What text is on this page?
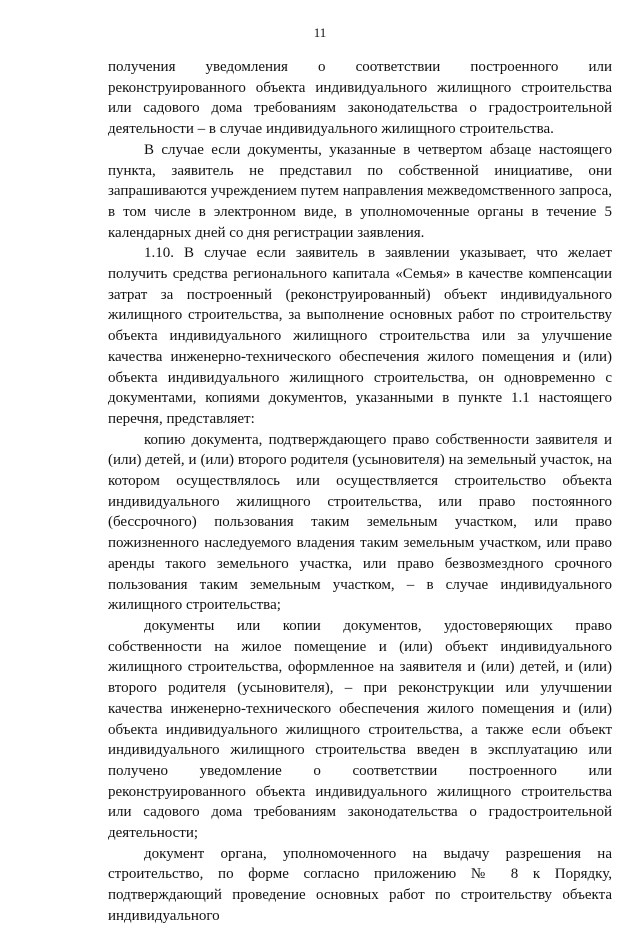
11

получения уведомления о соответствии построенного или реконструированного объекта индивидуального жилищного строительства или садового дома требованиям законодательства о градостроительной деятельности – в случае индивидуального жилищного строительства.

В случае если документы, указанные в четвертом абзаце настоящего пункта, заявитель не представил по собственной инициативе, они запрашиваются учреждением путем направления межведомственного запроса, в том числе в электронном виде, в уполномоченные органы в течение 5 календарных дней со дня регистрации заявления.

1.10. В случае если заявитель в заявлении указывает, что желает получить средства регионального капитала «Семья» в качестве компенсации затрат за построенный (реконструированный) объект индивидуального жилищного строительства, за выполнение основных работ по строительству объекта индивидуального жилищного строительства или за улучшение качества инженерно-технического обеспечения жилого помещения и (или) объекта индивидуального жилищного строительства, он одновременно с документами, копиями документов, указанными в пункте 1.1 настоящего перечня, представляет:

копию документа, подтверждающего право собственности заявителя и (или) детей, и (или) второго родителя (усыновителя) на земельный участок, на котором осуществлялось или осуществляется строительство объекта индивидуального жилищного строительства, или право постоянного (бессрочного) пользования таким земельным участком, или право пожизненного наследуемого владения таким земельным участком, или право аренды такого земельного участка, или право безвозмездного срочного пользования таким земельным участком, – в случае индивидуального жилищного строительства;

документы или копии документов, удостоверяющих право собственности на жилое помещение и (или) объект индивидуального жилищного строительства, оформленное на заявителя и (или) детей, и (или) второго родителя (усыновителя), – при реконструкции или улучшении качества инженерно-технического обеспечения жилого помещения и (или) объекта индивидуального жилищного строительства, а также если объект индивидуального жилищного строительства введен в эксплуатацию или получено уведомление о соответствии построенного или реконструированного объекта индивидуального жилищного строительства или садового дома требованиям законодательства о градостроительной деятельности;

документ органа, уполномоченного на выдачу разрешения на строительство, по форме согласно приложению № 8 к Порядку, подтверждающий проведение основных работ по строительству объекта индивидуального
